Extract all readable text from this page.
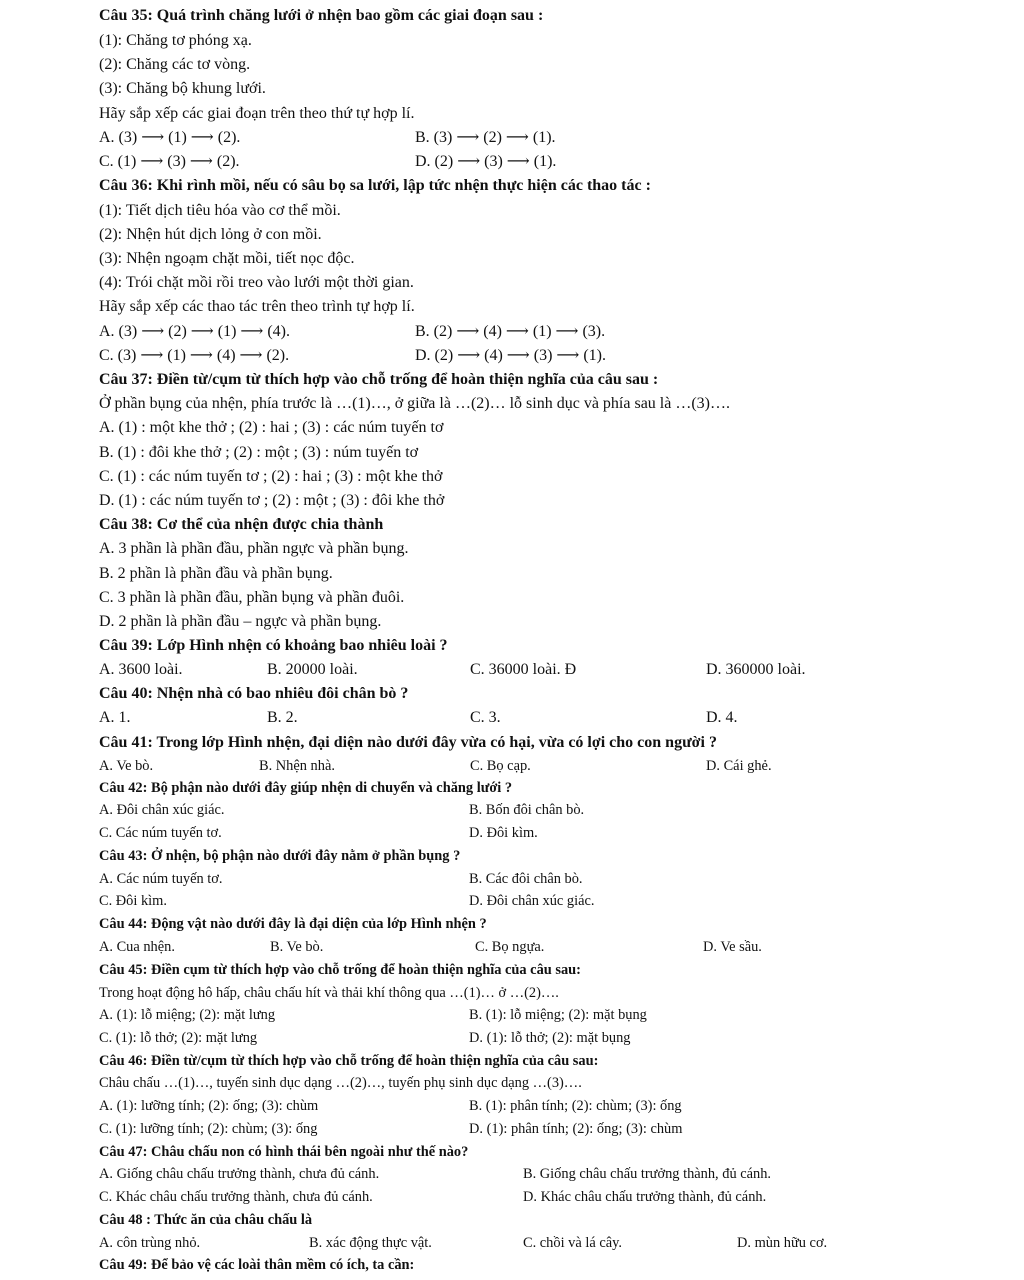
Câu 35: Quá trình chăng lưới ở nhện bao gồm các giai đoạn sau :
(1): Chăng tơ phóng xạ.
(2): Chăng các tơ vòng.
(3): Chăng bộ khung lưới.
Hãy sắp xếp các giai đoạn trên theo thứ tự hợp lí.
A. (3) ⟶ (1) ⟶ (2).	B. (3) ⟶ (2) ⟶ (1).
C. (1) ⟶ (3) ⟶ (2).	D. (2) ⟶ (3) ⟶ (1).
Câu 36: Khi rình mồi, nếu có sâu bọ sa lưới, lập tức nhện thực hiện các thao tác :
(1): Tiết dịch tiêu hóa vào cơ thể mồi.
(2): Nhện hút dịch lỏng ở con mồi.
(3): Nhện ngoạm chặt mồi, tiết nọc độc.
(4): Trói chặt mồi rồi treo vào lưới một thời gian.
Hãy sắp xếp các thao tác trên theo trình tự hợp lí.
A. (3) ⟶ (2) ⟶ (1) ⟶ (4).	B. (2) ⟶ (4) ⟶ (1) ⟶ (3).
C. (3) ⟶ (1) ⟶ (4) ⟶ (2).	D. (2) ⟶ (4) ⟶ (3) ⟶ (1).
Câu 37: Điền từ/cụm từ thích hợp vào chỗ trống để hoàn thiện nghĩa của câu sau :
Ở phần bụng của nhện, phía trước là …(1)…, ở giữa là …(2)… lỗ sinh dục và phía sau là …(3)….
A. (1) : một khe thở ; (2) : hai ; (3) : các núm tuyến tơ
B. (1) : đôi khe thở ; (2) : một ; (3) : núm tuyến tơ
C. (1) : các núm tuyến tơ ; (2) : hai ; (3) : một khe thở
D. (1) : các núm tuyến tơ ; (2) : một ; (3) : đôi khe thở
Câu 38: Cơ thể của nhện được chia thành
A. 3 phần là phần đầu, phần ngực và phần bụng.
B. 2 phần là phần đầu và phần bụng.
C. 3 phần là phần đầu, phần bụng và phần đuôi.
D. 2 phần là phần đầu – ngực và phần bụng.
Câu 39: Lớp Hình nhện có khoảng bao nhiêu loài ?
A. 3600 loài.	B. 20000 loài.	C. 36000 loài. Đ	D. 360000 loài.
Câu 40: Nhện nhà có bao nhiêu đôi chân bò ?
A. 1.	B. 2.	C. 3.	D. 4.
Câu 41: Trong lớp Hình nhện, đại diện nào dưới đây vừa có hại, vừa có lợi cho con người ?
A. Ve bò.	B. Nhện nhà.	C. Bọ cạp.	D. Cái ghẻ.
Câu 42: Bộ phận nào dưới đây giúp nhện di chuyển và chăng lưới ?
A. Đôi chân xúc giác.	B. Bốn đôi chân bò.
C. Các núm tuyến tơ.	D. Đôi kìm.
Câu 43: Ở nhện, bộ phận nào dưới đây nằm ở phần bụng ?
A. Các núm tuyến tơ.	B. Các đôi chân bò.
C. Đôi kìm.	D. Đôi chân xúc giác.
Câu 44: Động vật nào dưới đây là đại diện của lớp Hình nhện ?
A. Cua nhện.	B. Ve bò.	C. Bọ ngựa.	D. Ve sầu.
Câu 45: Điền cụm từ thích hợp vào chỗ trống để hoàn thiện nghĩa của câu sau:
Trong hoạt động hô hấp, châu chấu hít và thải khí thông qua …(1)… ở …(2)….
A. (1): lỗ miệng; (2): mặt lưng	B. (1): lỗ miệng; (2): mặt bụng
C. (1): lỗ thở; (2): mặt lưng	D. (1): lỗ thở; (2): mặt bụng
Câu 46: Điền từ/cụm từ thích hợp vào chỗ trống để hoàn thiện nghĩa của câu sau:
Châu chấu …(1)…, tuyến sinh dục dạng …(2)…, tuyến phụ sinh dục dạng …(3)….
A. (1): lưỡng tính; (2): ống; (3): chùm	B. (1): phân tính; (2): chùm; (3): ống
C. (1): lưỡng tính; (2): chùm; (3): ống	D. (1): phân tính; (2): ống; (3): chùm
Câu 47: Châu chấu non có hình thái bên ngoài như thế nào?
A. Giống châu chấu trưởng thành, chưa đủ cánh.	B. Giống châu chấu trưởng thành, đủ cánh.
C. Khác châu chấu trưởng thành, chưa đủ cánh.	D. Khác châu chấu trưởng thành, đủ cánh.
Câu 48 : Thức ăn của châu chấu là
A. côn trùng nhỏ.	B. xác động thực vật.	C. chồi và lá cây.	D. mùn hữu cơ.
Câu 49: Để bảo vệ các loài thân mềm có ích, ta cần:
